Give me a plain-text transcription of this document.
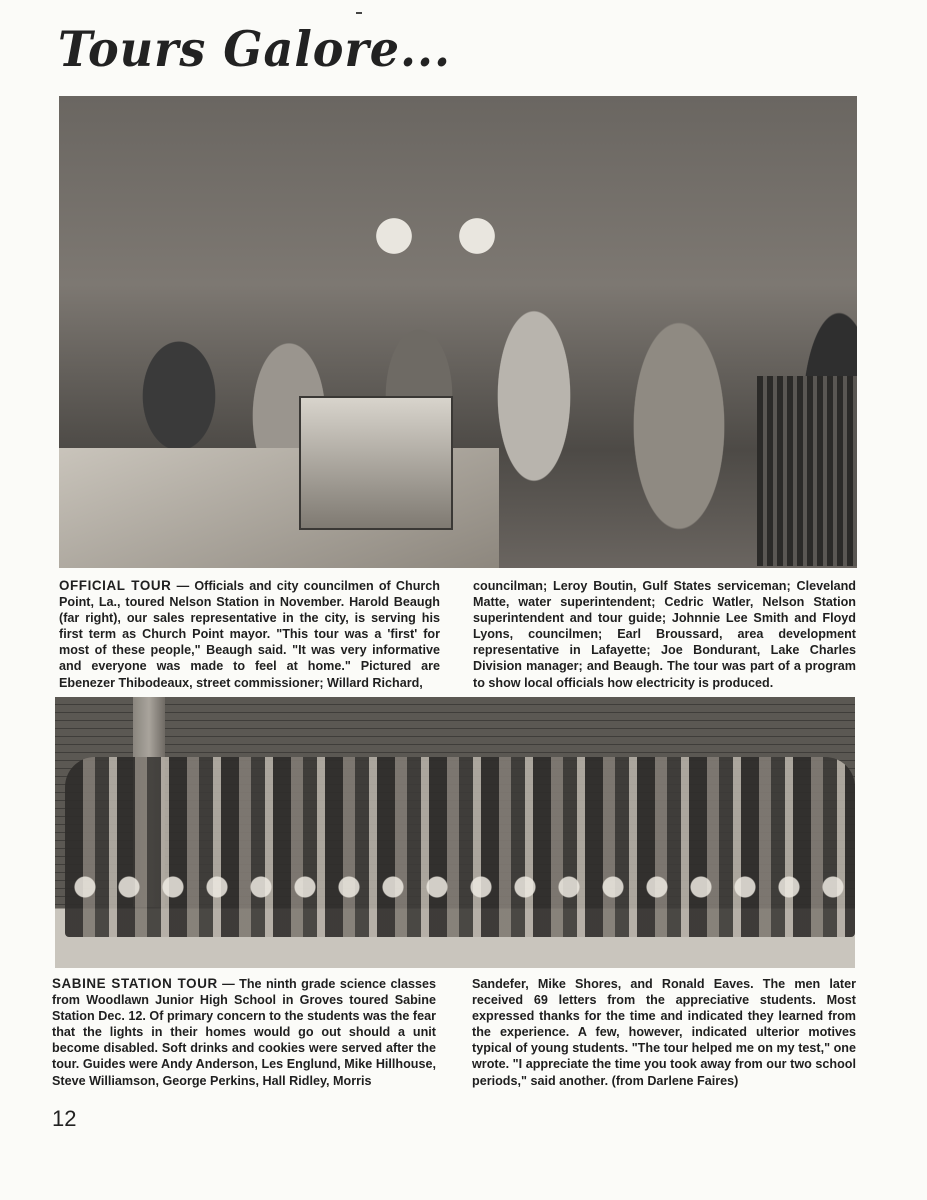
Tours Galore...

OFFICIAL TOUR — Officials and city councilmen of Church Point, La., toured Nelson Station in November. Harold Beaugh (far right), our sales representative in the city, is serving his first term as Church Point mayor. "This tour was a 'first' for most of these people," Beaugh said. "It was very informative and everyone was made to feel at home." Pictured are Ebenezer Thibodeaux, street commissioner; Willard Richard,

councilman; Leroy Boutin, Gulf States serviceman; Cleveland Matte, water superintendent; Cedric Watler, Nelson Station superintendent and tour guide; Johnnie Lee Smith and Floyd Lyons, councilmen; Earl Broussard, area development representative in Lafayette; Joe Bondurant, Lake Charles Division manager; and Beaugh. The tour was part of a program to show local officials how electricity is produced.

SABINE STATION TOUR — The ninth grade science classes from Woodlawn Junior High School in Groves toured Sabine Station Dec. 12. Of primary concern to the students was the fear that the lights in their homes would go out should a unit become disabled. Soft drinks and cookies were served after the tour. Guides were Andy Anderson, Les Englund, Mike Hillhouse, Steve Williamson, George Perkins, Hall Ridley, Morris

Sandefer, Mike Shores, and Ronald Eaves. The men later received 69 letters from the appreciative students. Most expressed thanks for the time and indicated they learned from the experience. A few, however, indicated ulterior motives typical of young students. "The tour helped me on my test," one wrote. "I appreciate the time you took away from our two school periods," said another. (from Darlene Faires)

12
